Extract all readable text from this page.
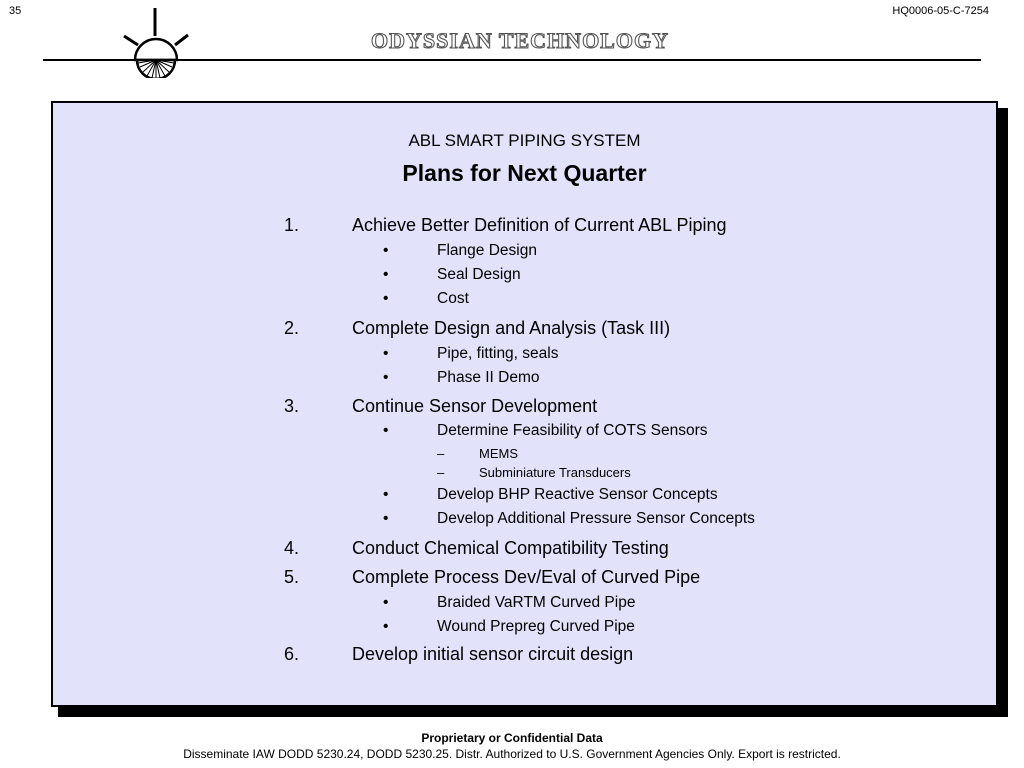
35	HQ0006-05-C-7254
ODYSSIAN TECHNOLOGY
ABL SMART PIPING SYSTEM
Plans for Next Quarter
1.	Achieve Better Definition of Current ABL Piping
•	Flange Design
•	Seal Design
•	Cost
2.	Complete Design and Analysis (Task III)
•	Pipe, fitting, seals
•	Phase II Demo
3.	Continue Sensor Development
•	Determine Feasibility of COTS Sensors
–	MEMS
–	Subminiature Transducers
•	Develop BHP Reactive Sensor Concepts
•	Develop Additional Pressure Sensor Concepts
4.	Conduct Chemical Compatibility Testing
5.	Complete Process Dev/Eval of Curved Pipe
•	Braided VaRTM Curved Pipe
•	Wound Prepreg Curved Pipe
6.	Develop initial sensor circuit design
Proprietary or Confidential Data
Disseminate IAW DODD 5230.24, DODD 5230.25. Distr. Authorized to U.S. Government Agencies Only. Export is restricted.
